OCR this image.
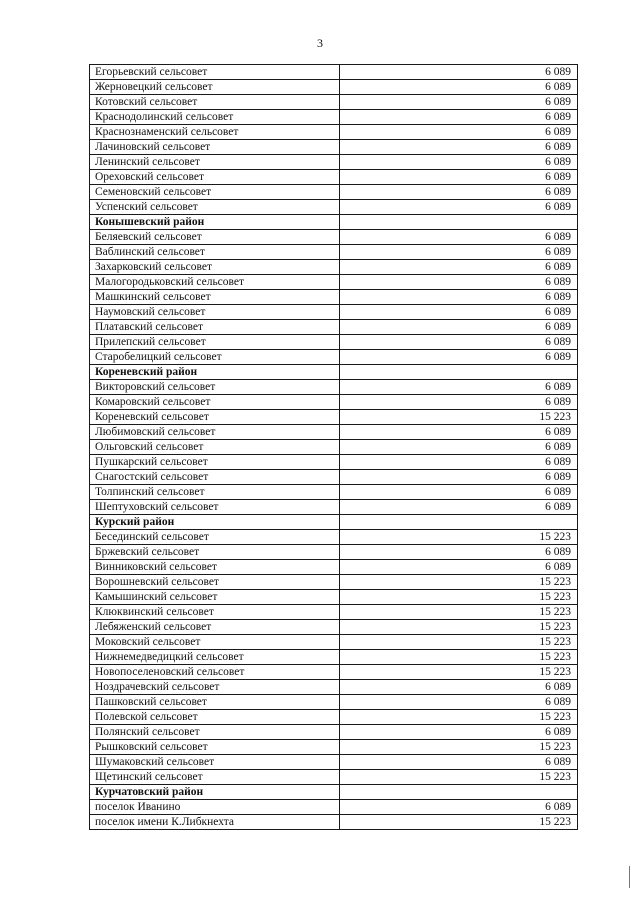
3
Егорьевский сельсовет	6 089
Жерновецкий сельсовет	6 089
Котовский сельсовет	6 089
Краснодолинский сельсовет	6 089
Краснознаменский сельсовет	6 089
Лачиновский сельсовет	6 089
Ленинский сельсовет	6 089
Ореховский сельсовет	6 089
Семеновский сельсовет	6 089
Успенский сельсовет	6 089
Конышевский район	
Беляевский сельсовет	6 089
Ваблинский сельсовет	6 089
Захарковский сельсовет	6 089
Малогородьковский сельсовет	6 089
Машкинский сельсовет	6 089
Наумовский сельсовет	6 089
Платавский сельсовет	6 089
Прилепский сельсовет	6 089
Старобелицкий сельсовет	6 089
Кореневский район	
Викторовский сельсовет	6 089
Комаровский сельсовет	6 089
Кореневский сельсовет	15 223
Любимовский сельсовет	6 089
Ольговский сельсовет	6 089
Пушкарский сельсовет	6 089
Снагостский сельсовет	6 089
Толпинский сельсовет	6 089
Шептуховский сельсовет	6 089
Курский район	
Бесединский сельсовет	15 223
Бржевский сельсовет	6 089
Винниковский сельсовет	6 089
Ворошневский сельсовет	15 223
Камышинский сельсовет	15 223
Клюквинский сельсовет	15 223
Лебяженский сельсовет	15 223
Моковский сельсовет	15 223
Нижнемедведицкий сельсовет	15 223
Новопоселеновский сельсовет	15 223
Ноздрачевский сельсовет	6 089
Пашковский сельсовет	6 089
Полевской сельсовет	15 223
Полянский сельсовет	6 089
Рышковский сельсовет	15 223
Шумаковский сельсовет	6 089
Щетинский сельсовет	15 223
Курчатовский район	
поселок Иванино	6 089
поселок имени К.Либкнехта	15 223
